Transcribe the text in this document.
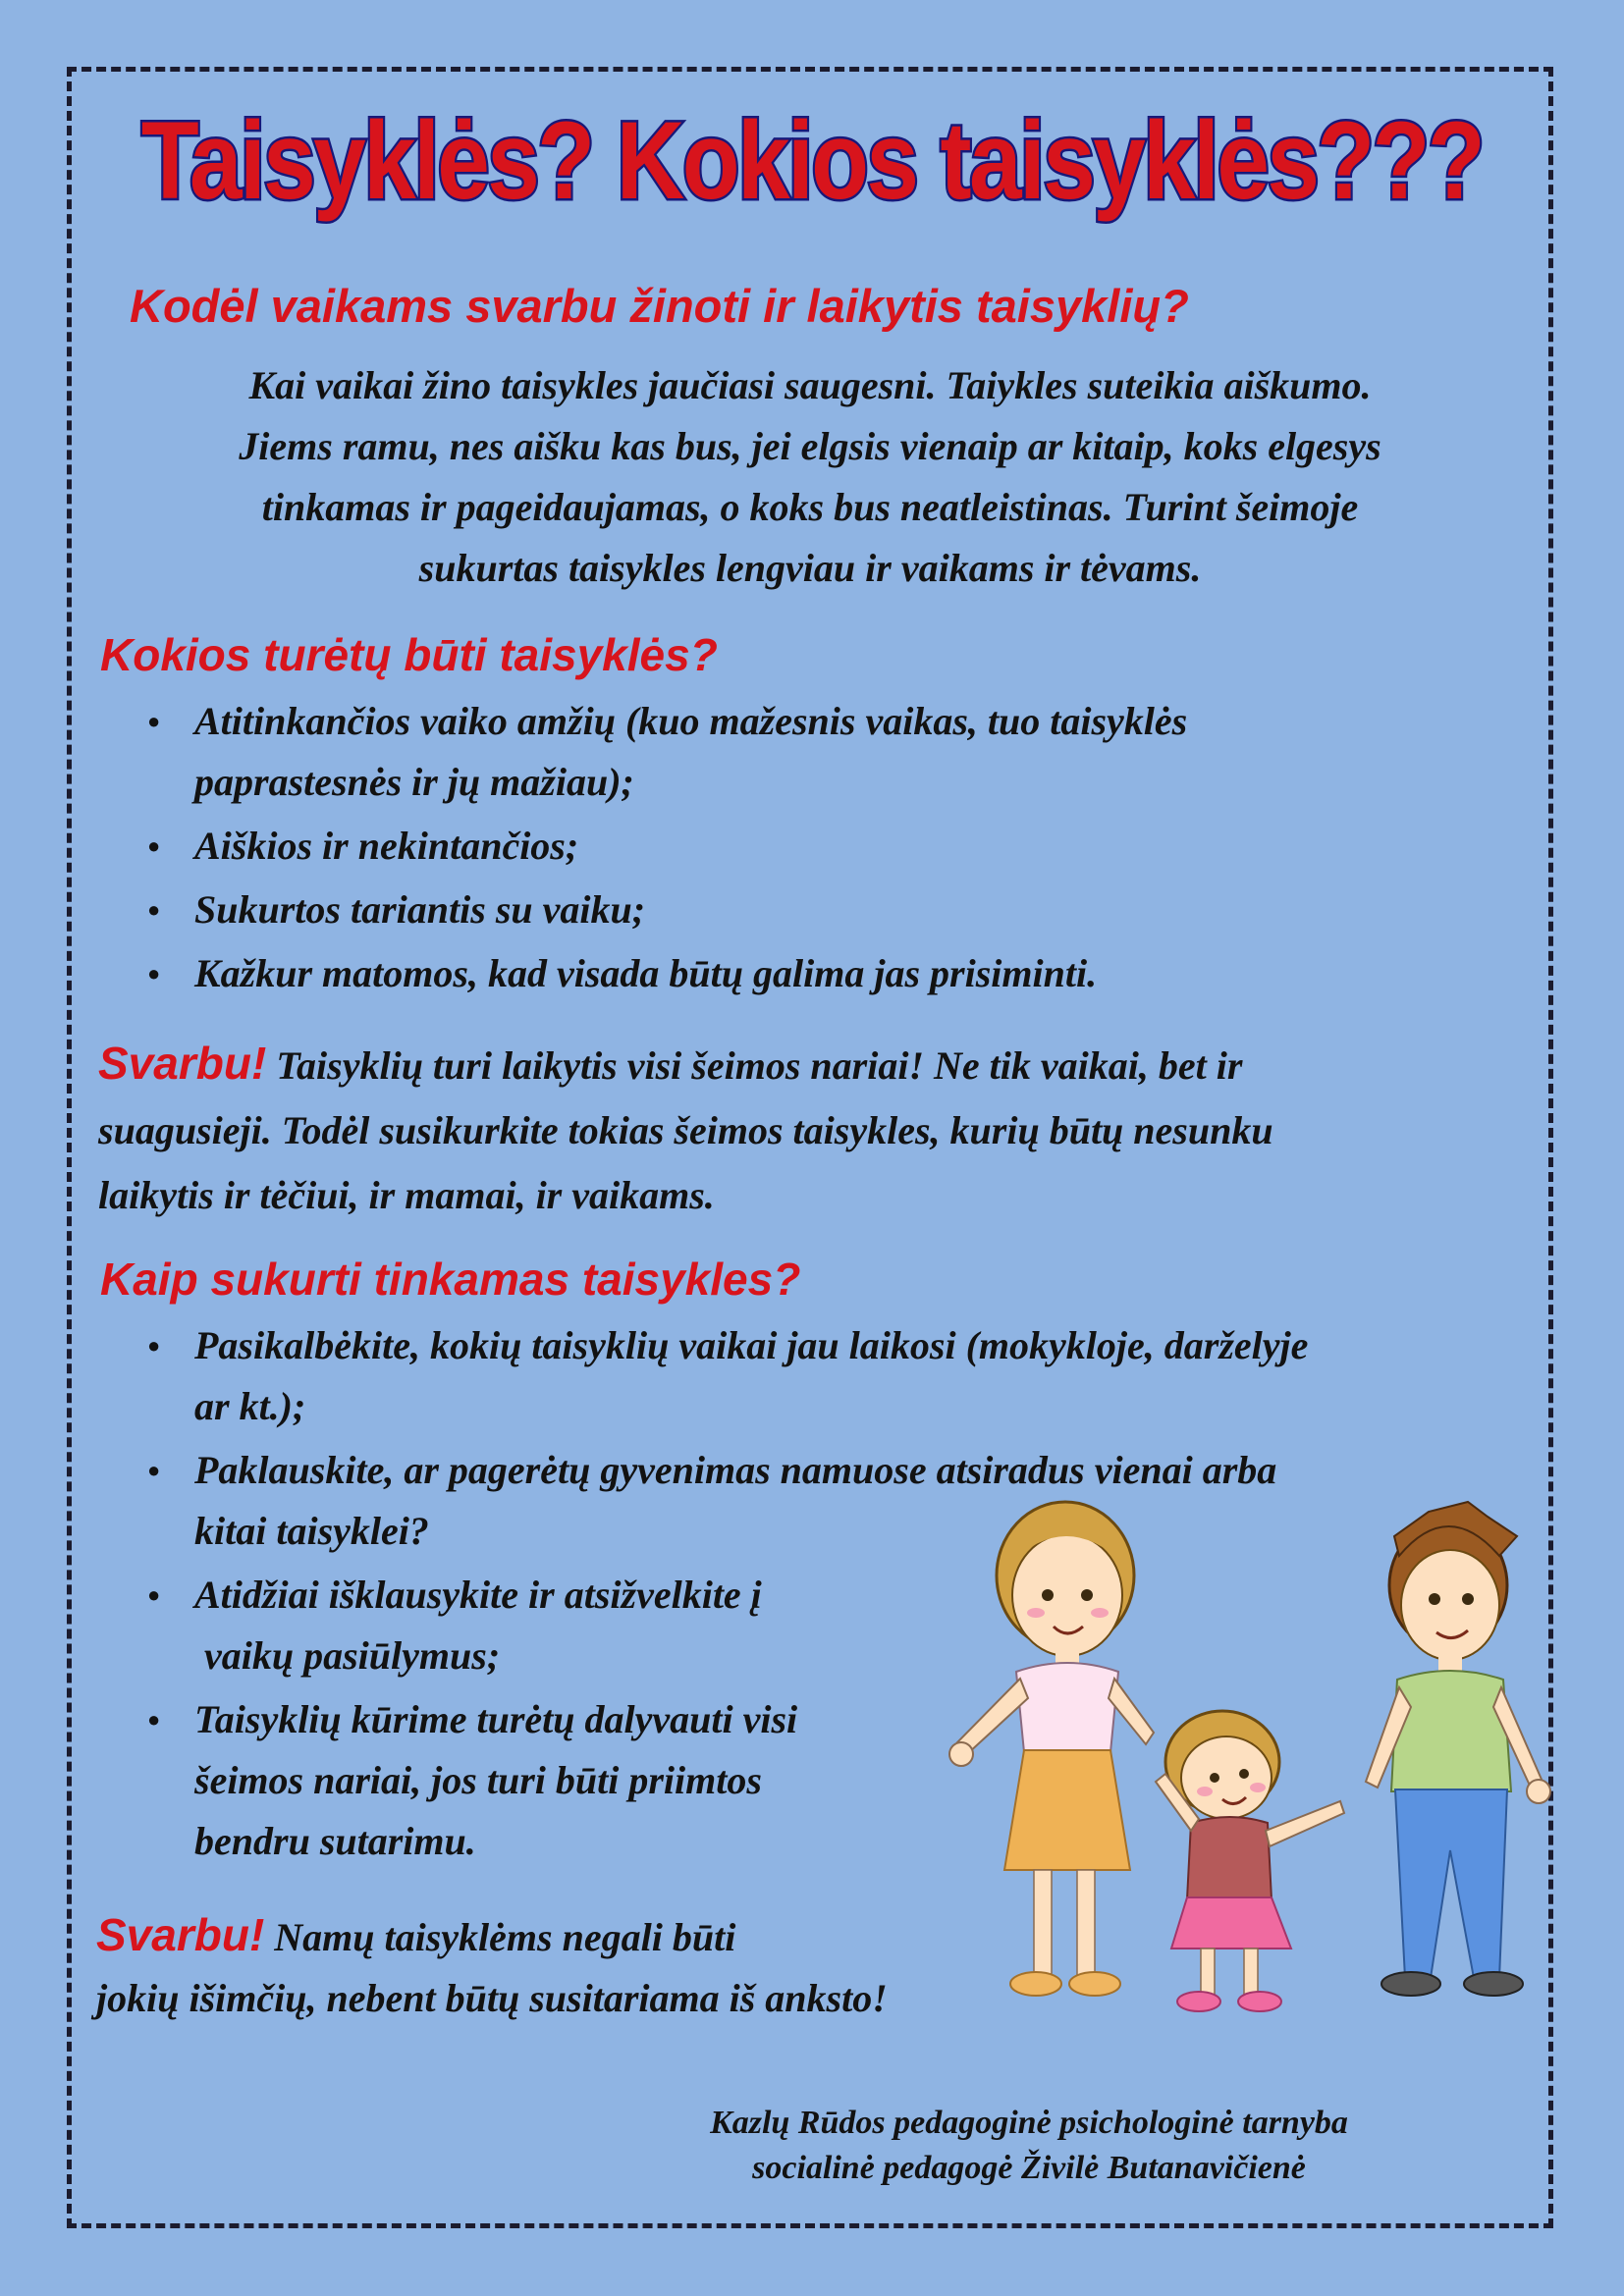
Taisyklės? Kokios taisyklės???
Kodėl vaikams svarbu žinoti ir laikytis taisyklių?
Kai vaikai žino taisykles jaučiasi saugesni. Taiykles suteikia aiškumo.
Jiems ramu, nes aišku kas bus, jei elgsis vienaip ar kitaip, koks elgesys
tinkamas ir pageidaujamas, o koks bus neatleistinas. Turint šeimoje
sukurtas taisykles lengviau ir vaikams ir tėvams.
Kokios turėtų būti taisyklės?
● Atitinkančios vaiko amžių (kuo mažesnis vaikas, tuo taisyklės
paprastesnės ir jų mažiau);
● Aiškios ir nekintančios;
● Sukurtos tariantis su vaiku;
● Kažkur matomos, kad visada būtų galima jas prisiminti.
Svarbu! Taisyklių turi laikytis visi šeimos nariai! Ne tik vaikai, bet ir
suagusieji. Todėl susikurkite tokias šeimos taisykles, kurių būtų nesunku
laikytis ir tėčiui, ir mamai, ir vaikams.
Kaip sukurti tinkamas taisykles?
● Pasikalbėkite, kokių taisyklių vaikai jau laikosi (mokykloje, darželyje
ar kt.);
● Paklauskite, ar pagerėtų gyvenimas namuose atsiradus vienai arba
kitai taisyklei?
● Atidžiai išklausykite ir atsižvelkite į
vaikų pasiūlymus;
● Taisyklių kūrime turėtų dalyvauti visi
šeimos nariai, jos turi būti priimtos
bendru sutarimu.
Svarbu! Namų taisyklėms negali būti
jokių išimčių, nebent būtų susitariama iš anksto!
Kazlų Rūdos pedagoginė psichologinė tarnyba
socialinė pedagogė Živilė Butanavičienė
